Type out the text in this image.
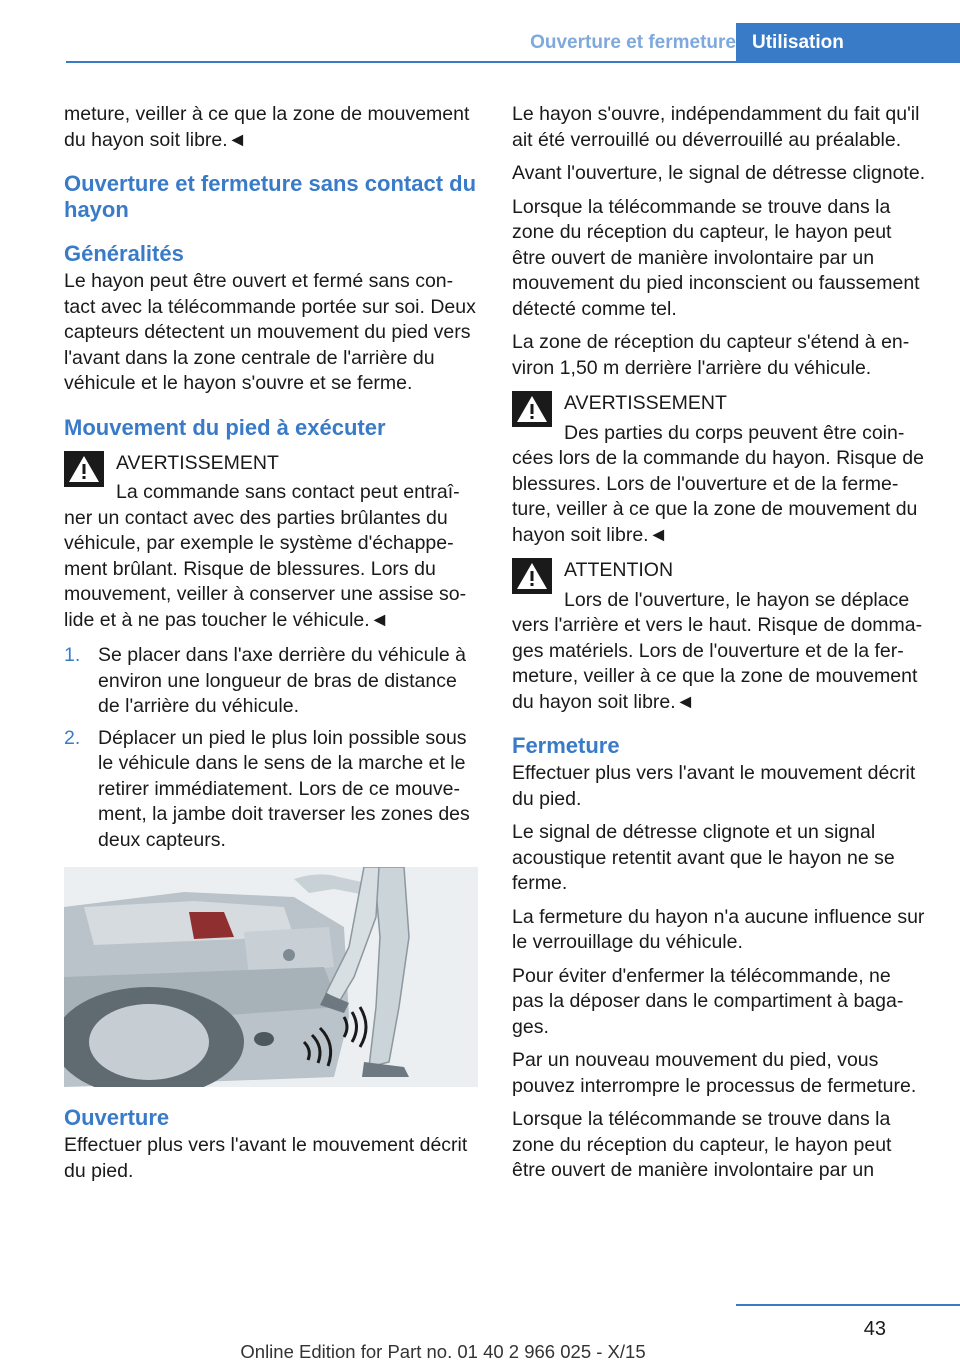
Ouverture et fermeture Utilisation

meture, veiller à ce que la zone de mouvement du hayon soit libre.◄

Ouverture et fermeture sans contact du hayon
Généralités

Le hayon peut être ouvert et fermé sans contact avec la télécommande portée sur soi. Deux capteurs détectent un mouvement du pied vers l'avant dans la zone centrale de l'arrière du véhicule et le hayon s'ouvre et se ferme.

Mouvement du pied à exécuter
AVERTISSEMENT
La commande sans contact peut entraîner un contact avec des parties brûlantes du véhicule, par exemple le système d'échappement brûlant. Risque de blessures. Lors du mouvement, veiller à conserver une assise solide et à ne pas toucher le véhicule.◄
1. Se placer dans l'axe derrière du véhicule à environ une longueur de bras de distance de l'arrière du véhicule.
2. Déplacer un pied le plus loin possible sous le véhicule dans le sens de la marche et le retirer immédiatement. Lors de ce mouvement, la jambe doit traverser les zones des deux capteurs.
Ouverture

Effectuer plus vers l'avant le mouvement décrit du pied.

Le hayon s'ouvre, indépendamment du fait qu'il ait été verrouillé ou déverrouillé au préalable.

Avant l'ouverture, le signal de détresse clignote.

Lorsque la télécommande se trouve dans la zone du réception du capteur, le hayon peut être ouvert de manière involontaire par un mouvement du pied inconscient ou faussement détecté comme tel.

La zone de réception du capteur s'étend à environ 1,50 m derrière l'arrière du véhicule.

AVERTISSEMENT
Des parties du corps peuvent être coincées lors de la commande du hayon. Risque de blessures. Lors de l'ouverture et de la fermeture, veiller à ce que la zone de mouvement du hayon soit libre.◄
ATTENTION
Lors de l'ouverture, le hayon se déplace vers l'arrière et vers le haut. Risque de dommages matériels. Lors de l'ouverture et de la fermeture, veiller à ce que la zone de mouvement du hayon soit libre.◄
Fermeture

Effectuer plus vers l'avant le mouvement décrit du pied.

Le signal de détresse clignote et un signal acoustique retentit avant que le hayon ne se ferme.

La fermeture du hayon n'a aucune influence sur le verrouillage du véhicule.

Pour éviter d'enfermer la télécommande, ne pas la déposer dans le compartiment à bagages.

Par un nouveau mouvement du pied, vous pouvez interrompre le processus de fermeture.

Lorsque la télécommande se trouve dans la zone du réception du capteur, le hayon peut être ouvert de manière involontaire par un

43
Online Edition for Part no. 01 40 2 966 025 - X/15
